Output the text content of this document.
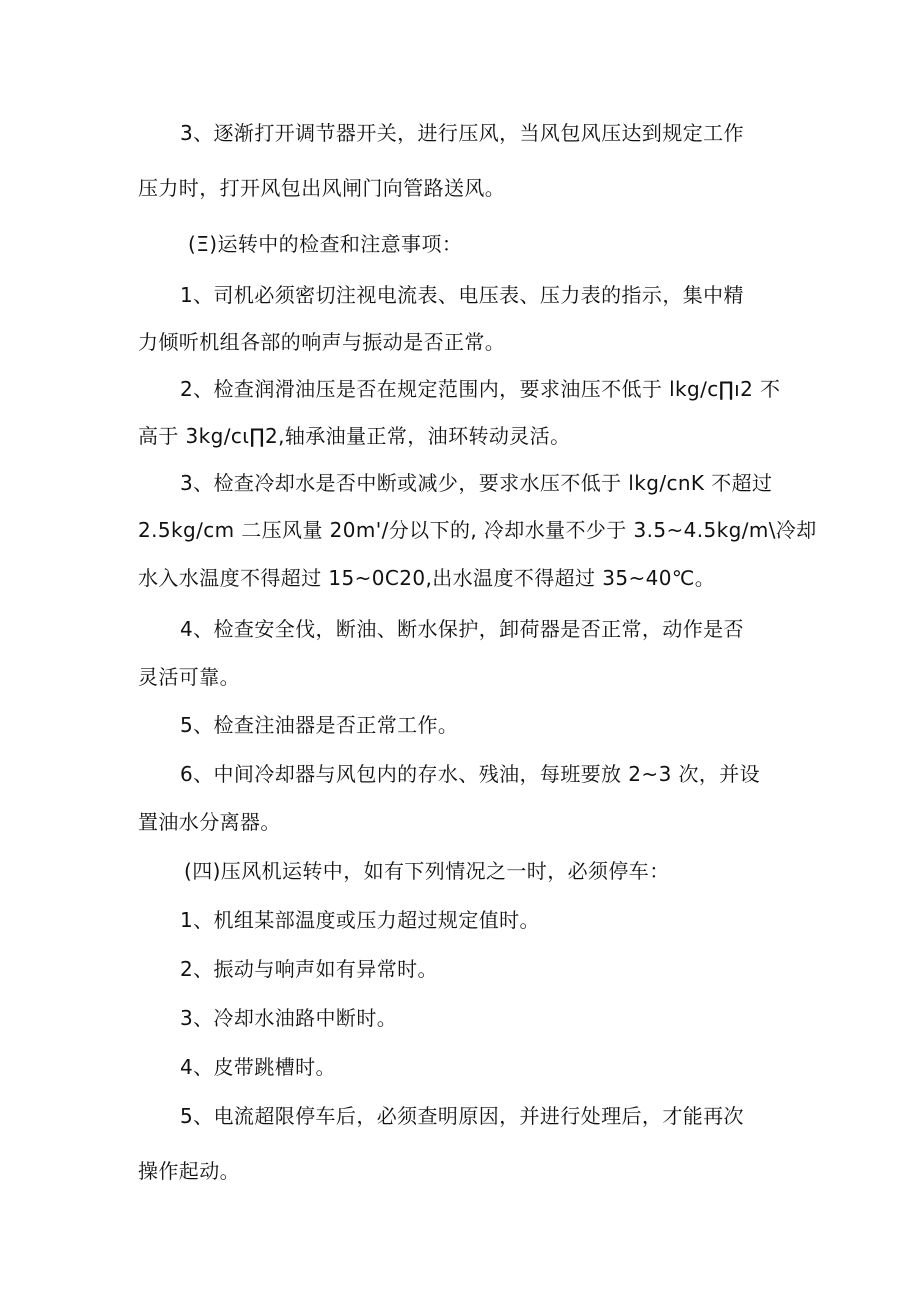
3、逐渐打开调节器开关，进行压风，当风包风压达到规定工作
压力时，打开风包出风闸门向管路送风。
(Ξ)运转中的检查和注意事项：
1、司机必须密切注视电流表、电压表、压力表的指示，集中精
力倾听机组各部的响声与振动是否正常。
2、检查润滑油压是否在规定范围内，要求油压不低于 lkg∕c∏ı2 不
高于 3kg∕cι∏2,轴承油量正常，油环转动灵活。
3、检查冷却水是否中断或减少，要求水压不低于 lkg/cnK 不超过
2.5kg∕cm 二压风量 20m'/分以下的, 冷却水量不少于 3.5~4.5kg∕m\冷却
水入水温度不得超过 15~0C20,出水温度不得超过 35~40℃。
4、检查安全伐，断油、断水保护，卸荷器是否正常，动作是否
灵活可靠。
5、检查注油器是否正常工作。
6、中间冷却器与风包内的存水、残油，每班要放 2~3 次，并设
置油水分离器。
(四)压风机运转中，如有下列情况之一时，必须停车：
1、机组某部温度或压力超过规定值时。
2、振动与响声如有异常时。
3、冷却水油路中断时。
4、皮带跳槽时。
5、电流超限停车后，必须查明原因，并进行处理后，才能再次
操作起动。
